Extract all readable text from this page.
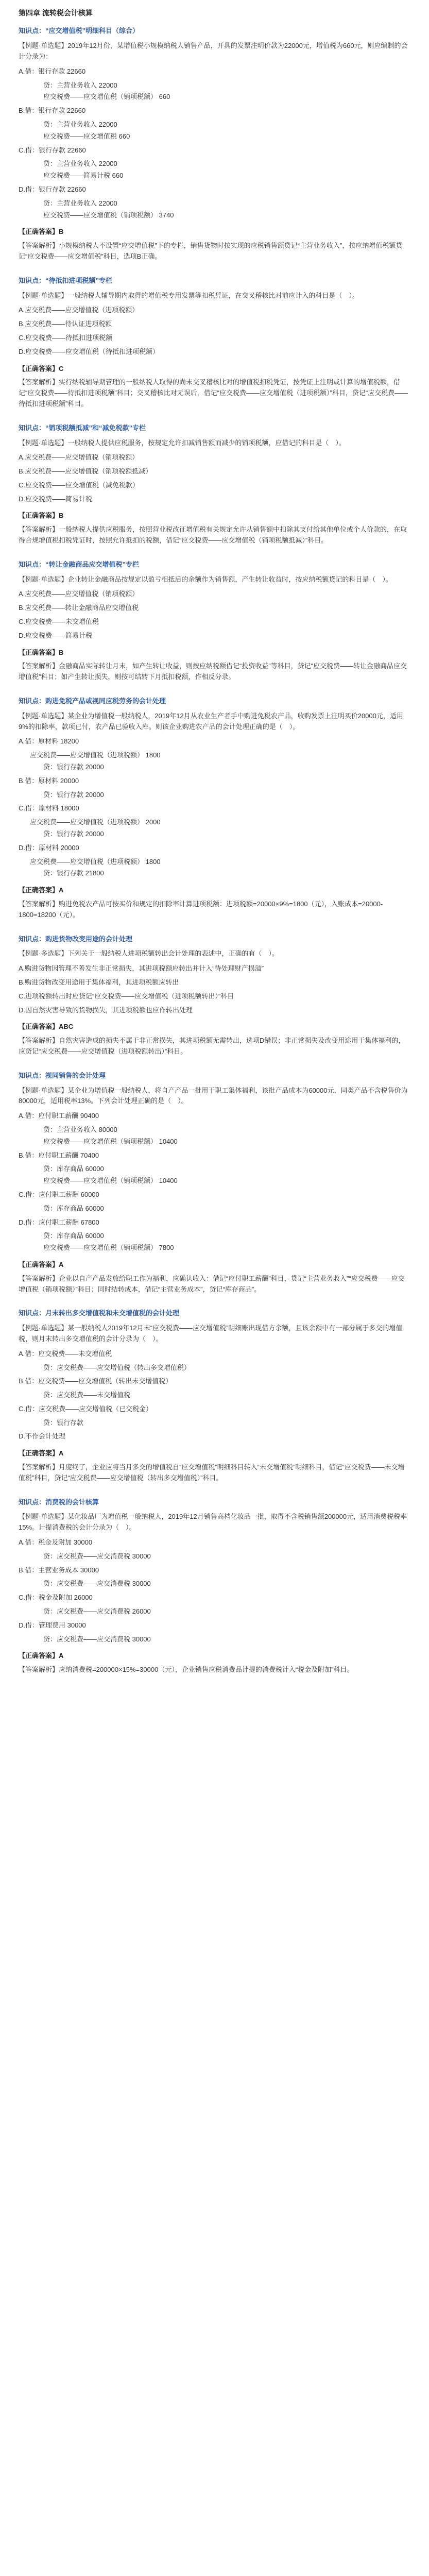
第四章 流转税会计核算
知识点：“应交增值税”明细科目（综合）
【例题·单选题】2019年12月份，某增值税小规模纳税人销售产品，开具的发票注明价款为22000元，增值税为660元，则应编制的会计分录为：
A.借：银行存款 22660
贷：主营业务收入 22000
应交税费——应交增值税（销项税额） 660
B.借：银行存款 22660
贷：主营业务收入 22000
应交税费——应交增值税 660
C.借：银行存款 22660
贷：主营业务收入 22000
应交税费——简易计税 660
D.借：银行存款 22660
贷：主营业务收入 22000
应交税费——应交增值税（销项税额） 3740
【正确答案】B
【答案解析】小规模纳税人不设置“应交增值税”下的专栏，销售货物时按实现的应税销售额贷记“主营业务收入”，按应纳增值税额贷记“应交税费——应交增值税”科目，选项B正确。
知识点：“待抵扣进项税额”专栏
【例题·单选题】一般纳税人辅导期内取得的增值税专用发票等扣税凭证，在交叉稽核比对前应计入的科目是（　）。
A.应交税费——应交增值税（进项税额）
B.应交税费——待认证进项税额
C.应交税费——待抵扣进项税额
D.应交税费——应交增值税（待抵扣进项税额）
【正确答案】C
【答案解析】实行纳税辅导期管理的一般纳税人取得的尚未交叉稽核比对的增值税扣税凭证，按凭证上注明或计算的增值税额，借记“应交税费——待抵扣进项税额”科目；交叉稽核比对无误后，借记“应交税费——应交增值税（进项税额）”科目，贷记“应交税费——待抵扣进项税额”科目。
知识点：“销项税额抵减”和“减免税款”专栏
【例题·单选题】一般纳税人提供应税服务，按规定允许扣减销售额而减少的销项税额，应借记的科目是（　）。
A.应交税费——应交增值税（销项税额）
B.应交税费——应交增值税（销项税额抵减）
C.应交税费——应交增值税（减免税款）
D.应交税费——简易计税
【正确答案】B
【答案解析】一般纳税人提供应税服务，按照营业税改征增值税有关规定允许从销售额中扣除其支付给其他单位或个人价款的，在取得合规增值税扣税凭证时，按照允许抵扣的税额，借记“应交税费——应交增值税（销项税额抵减）”科目。
知识点：“转让金融商品应交增值税”专栏
【例题·单选题】企业转让金融商品按规定以盈亏相抵后的余额作为销售额，产生转让收益时，按应纳税额贷记的科目是（　）。
A.应交税费——应交增值税（销项税额）
B.应交税费——转让金融商品应交增值税
C.应交税费——未交增值税
D.应交税费——简易计税
【正确答案】B
【答案解析】金融商品实际转让月末，如产生转让收益，则按应纳税额借记“投资收益”等科目，贷记“应交税费——转让金融商品应交增值税”科目；如产生转让损失，则按可结转下月抵扣税额，作相反分录。
知识点：购进免税产品或视同应税劳务的会计处理
【例题·单选题】某企业为增值税一般纳税人，2019年12月从农业生产者手中购进免税农产品，收购发票上注明买价20000元，适用9%的扣除率，款项已付，农产品已验收入库。则该企业购进农产品的会计处理正确的是（　）。
A.借：原材料 18200
应交税费——应交增值税（进项税额） 1800
贷：银行存款 20000
B.借：原材料 20000
贷：银行存款 20000
C.借：原材料 18000
应交税费——应交增值税（进项税额） 2000
贷：银行存款 20000
D.借：原材料 20000
应交税费——应交增值税（进项税额） 1800
贷：银行存款 21800
【正确答案】A
【答案解析】购进免税农产品可按买价和规定的扣除率计算进项税额：进项税额=20000×9%=1800（元），入账成本=20000-1800=18200（元）。
知识点：购进货物改变用途的会计处理
【例题·多选题】下列关于一般纳税人进项税额转出会计处理的表述中，正确的有（　）。
A.购进货物因管理不善发生非正常损失，其进项税额应转出并计入“待处理财产损溢”
B.购进货物改变用途用于集体福利，其进项税额应转出
C.进项税额转出时应贷记“应交税费——应交增值税（进项税额转出）”科目
D.因自然灾害导致的货物损失，其进项税额也应作转出处理
【正确答案】ABC
【答案解析】自然灾害造成的损失不属于非正常损失，其进项税额无需转出，选项D错误；非正常损失及改变用途用于集体福利的，应贷记“应交税费——应交增值税（进项税额转出）”科目。
知识点：视同销售的会计处理
【例题·单选题】某企业为增值税一般纳税人，将自产产品一批用于职工集体福利，该批产品成本为60000元，同类产品不含税售价为80000元，适用税率13%。下列会计处理正确的是（　）。
A.借：应付职工薪酬 90400
贷：主营业务收入 80000
应交税费——应交增值税（销项税额） 10400
B.借：应付职工薪酬 70400
贷：库存商品 60000
应交税费——应交增值税（销项税额） 10400
C.借：应付职工薪酬 60000
贷：库存商品 60000
D.借：应付职工薪酬 67800
贷：库存商品 60000
应交税费——应交增值税（销项税额） 7800
【正确答案】A
【答案解析】企业以自产产品发放给职工作为福利，应确认收入：借记“应付职工薪酬”科目，贷记“主营业务收入”“应交税费——应交增值税（销项税额）”科目；同时结转成本，借记“主营业务成本”，贷记“库存商品”。
知识点：月末转出多交增值税和未交增值税的会计处理
【例题·单选题】某一般纳税人2019年12月末“应交税费——应交增值税”明细账出现借方余额，且该余额中有一部分属于多交的增值税，则月末转出多交增值税的会计分录为（　）。
A.借：应交税费——未交增值税
贷：应交税费——应交增值税（转出多交增值税）
B.借：应交税费——应交增值税（转出未交增值税）
贷：应交税费——未交增值税
C.借：应交税费——应交增值税（已交税金）
贷：银行存款
D.不作会计处理
【正确答案】A
【答案解析】月度终了，企业应将当月多交的增值税自“应交增值税”明细科目转入“未交增值税”明细科目，借记“应交税费——未交增值税”科目，贷记“应交税费——应交增值税（转出多交增值税）”科目。
知识点：消费税的会计核算
【例题·单选题】某化妆品厂为增值税一般纳税人，2019年12月销售高档化妆品一批，取得不含税销售额200000元，适用消费税税率15%。计提消费税的会计分录为（　）。
A.借：税金及附加 30000
贷：应交税费——应交消费税 30000
B.借：主营业务成本 30000
贷：应交税费——应交消费税 30000
C.借：税金及附加 26000
贷：应交税费——应交消费税 26000
D.借：管理费用 30000
贷：应交税费——应交消费税 30000
【正确答案】A
【答案解析】应纳消费税=200000×15%=30000（元），企业销售应税消费品计提的消费税计入“税金及附加”科目。
